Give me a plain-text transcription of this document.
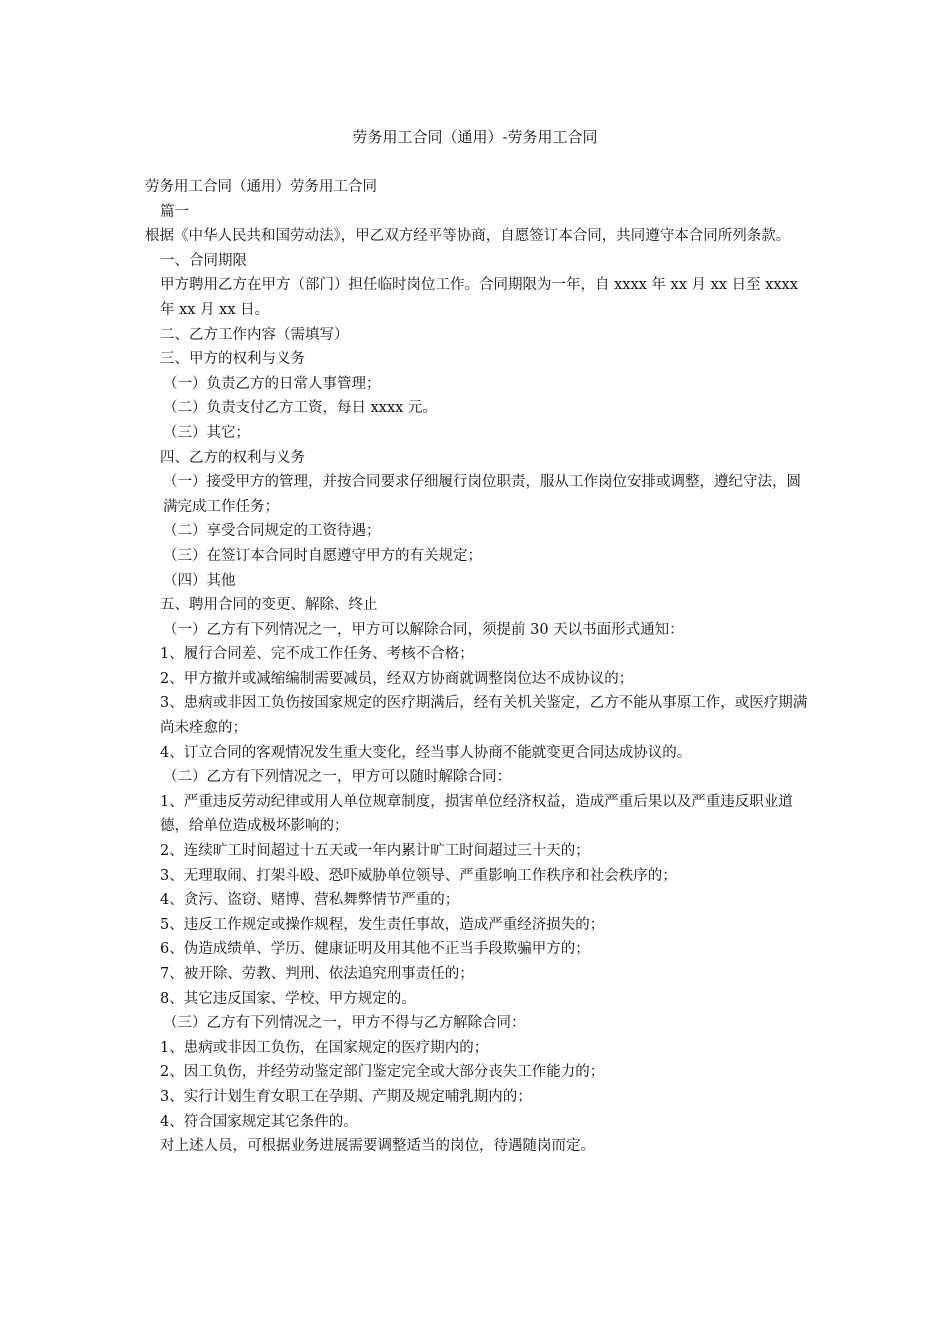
劳务用工合同（通用）-劳务用工合同

劳务用工合同（通用）劳务用工合同

篇一

根据《中华人民共和国劳动法》，甲乙双方经平等协商，自愿签订本合同，共同遵守本合同所列条款。

一、合同期限

甲方聘用乙方在甲方（部门）担任临时岗位工作。合同期限为一年，自 xxxx 年 xx 月 xx 日至 xxxx 年 xx 月 xx 日。

二、乙方工作内容（需填写）

三、甲方的权利与义务

（一）负责乙方的日常人事管理；

（二）负责支付乙方工资，每日 xxxx 元。

（三）其它；

四、乙方的权利与义务

（一）接受甲方的管理，并按合同要求仔细履行岗位职责，服从工作岗位安排或调整，遵纪守法，圆满完成工作任务；

（二）享受合同规定的工资待遇；

（三）在签订本合同时自愿遵守甲方的有关规定；

（四）其他

五、聘用合同的变更、解除、终止

（一）乙方有下列情况之一，甲方可以解除合同，须提前 30 天以书面形式通知：

1、履行合同差、完不成工作任务、考核不合格；

2、甲方撤并或减缩编制需要减员，经双方协商就调整岗位达不成协议的；

3、患病或非因工负伤按国家规定的医疗期满后，经有关机关鉴定，乙方不能从事原工作，或医疗期满尚未痊愈的；

4、订立合同的客观情况发生重大变化，经当事人协商不能就变更合同达成协议的。

（二）乙方有下列情况之一，甲方可以随时解除合同：

1、严重违反劳动纪律或用人单位规章制度，损害单位经济权益，造成严重后果以及严重违反职业道德，给单位造成极坏影响的；

2、连续旷工时间超过十五天或一年内累计旷工时间超过三十天的；

3、无理取闹、打架斗殴、恐吓威胁单位领导、严重影响工作秩序和社会秩序的；

4、贪污、盗窃、赌博、营私舞弊情节严重的；

5、违反工作规定或操作规程，发生责任事故，造成严重经济损失的；

6、伪造成绩单、学历、健康证明及用其他不正当手段欺骗甲方的；

7、被开除、劳教、判刑、依法追究刑事责任的；

8、其它违反国家、学校、甲方规定的。

（三）乙方有下列情况之一，甲方不得与乙方解除合同：

1、患病或非因工负伤，在国家规定的医疗期内的；

2、因工负伤，并经劳动鉴定部门鉴定完全或大部分丧失工作能力的；

3、实行计划生育女职工在孕期、产期及规定哺乳期内的；

4、符合国家规定其它条件的。

对上述人员，可根据业务进展需要调整适当的岗位，待遇随岗而定。
